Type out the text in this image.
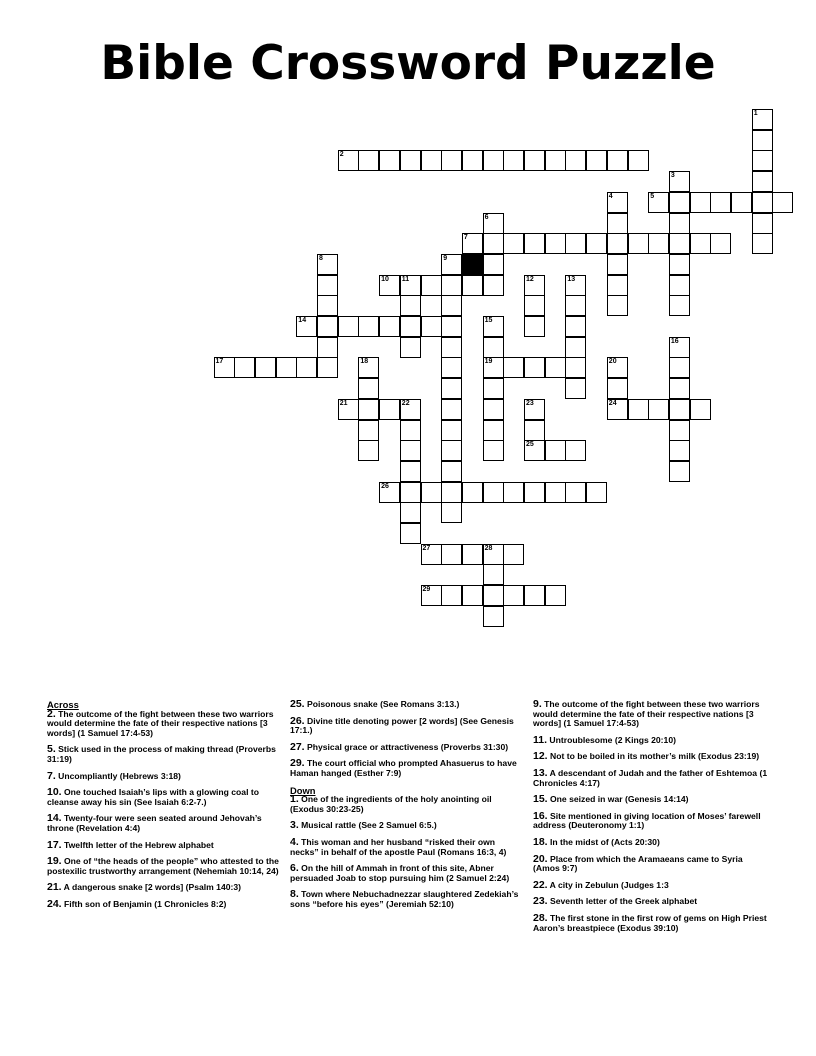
Bible Crossword Puzzle
2
5
7
10 11
14
17	19
21	24
25
26
27	28
29
1
3
4
6
8	9
12	13
15
16
18	20
22	23
Across
2. The outcome of the fight between these two warriors would determine the fate of their respective nations [3 words] (1 Samuel 17:4-53)
5. Stick used in the process of making thread (Proverbs 31:19)
7. Uncompliantly (Hebrews 3:18)
10. One touched Isaiah’s lips with a glowing coal to cleanse away his sin (See Isaiah 6:2-7.)
14. Twenty-four were seen seated around Jehovah’s throne (Revelation 4:4)
17. Twelfth letter of the Hebrew alphabet
19. One of “the heads of the people” who attested to the postexilic trustworthy arrangement (Nehemiah 10:14, 24)
21. A dangerous snake [2 words] (Psalm 140:3)
24. Fifth son of Benjamin (1 Chronicles 8:2)
25. Poisonous snake (See Romans 3:13.)
26. Divine title denoting power [2 words] (See Genesis 17:1.)
27. Physical grace or attractiveness (Proverbs 31:30)
29. The court official who prompted Ahasuerus to have Haman hanged (Esther 7:9)
Down
1. One of the ingredients of the holy anointing oil (Exodus 30:23-25)
3. Musical rattle (See 2 Samuel 6:5.)
4. This woman and her husband “risked their own necks” in behalf of the apostle Paul (Romans 16:3, 4)
6. On the hill of Ammah in front of this site, Abner persuaded Joab to stop pursuing him (2 Samuel 2:24)
8. Town where Nebuchadnezzar slaughtered Zedekiah’s sons “before his eyes” (Jeremiah 52:10)
9. The outcome of the fight between these two warriors would determine the fate of their respective nations [3 words] (1 Samuel 17:4-53)
11. Untroublesome (2 Kings 20:10)
12. Not to be boiled in its mother’s milk (Exodus 23:19)
13. A descendant of Judah and the father of Eshtemoa (1 Chronicles 4:17)
15. One seized in war (Genesis 14:14)
16. Site mentioned in giving location of Moses’ farewell address (Deuteronomy 1:1)
18. In the midst of (Acts 20:30)
20. Place from which the Aramaeans came to Syria (Amos 9:7)
22. A city in Zebulun (Judges 1:3
23. Seventh letter of the Greek alphabet
28. The first stone in the first row of gems on High Priest Aaron’s breastpiece (Exodus 39:10)
